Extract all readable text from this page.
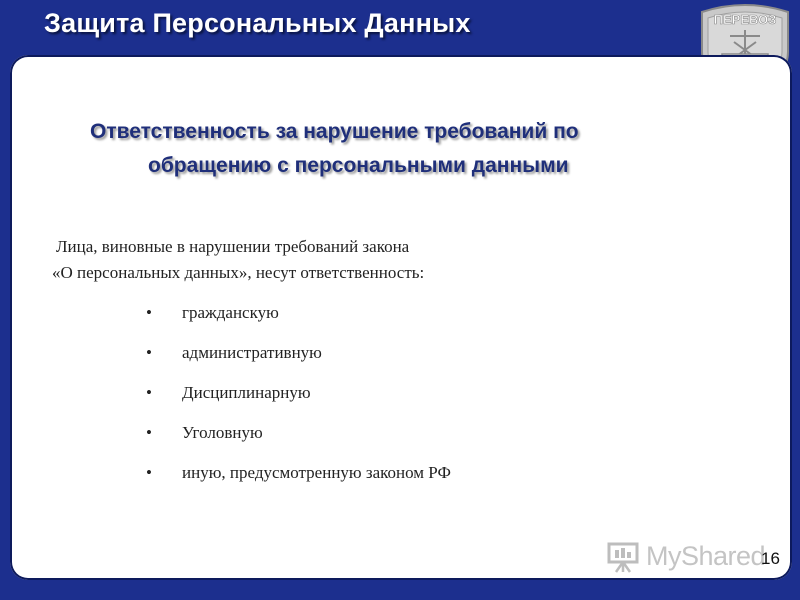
Защита Персональных Данных	ПЕРЕВОЗ
Ответственность за нарушение требований по
обращению с персональными данными
Лица, виновные в нарушении требований закона
«О персональных данных», несут ответственность:
•	гражданскую
•	административную
•	Дисциплинарную
•	Уголовную
•	иную, предусмотренную законом РФ
MyShared
16
